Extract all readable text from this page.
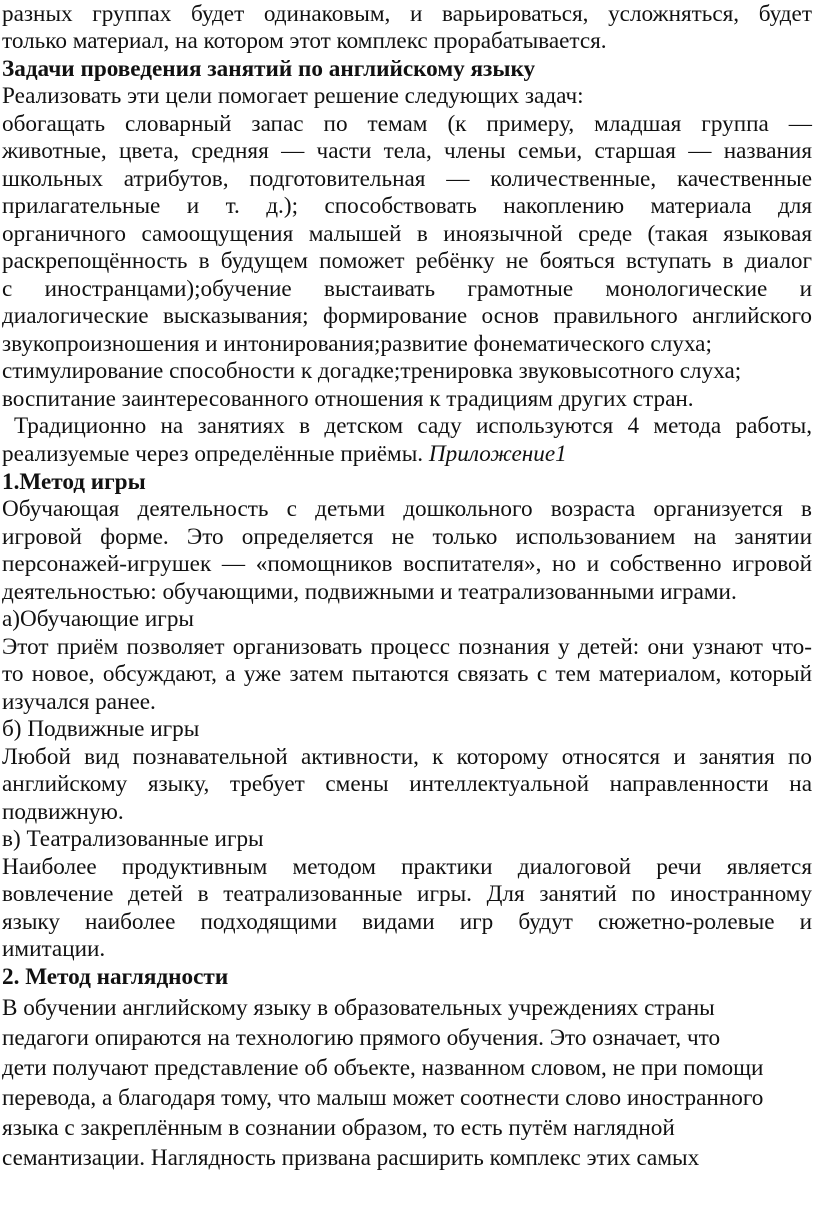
разных группах будет одинаковым, и варьироваться, усложняться, будет
только материал, на котором этот комплекс прорабатывается.
Задачи проведения занятий по английскому языку
Реализовать эти цели помогает решение следующих задач:
обогащать словарный запас по темам (к примеру, младшая группа —
животные, цвета, средняя — части тела, члены семьи, старшая — названия
школьных атрибутов, подготовительная — количественные, качественные
прилагательные и т. д.); способствовать накоплению материала для
органичного самоощущения малышей в иноязычной среде (такая языковая
раскрепощённость в будущем поможет ребёнку не бояться вступать в диалог
с иностранцами);обучение выстаивать грамотные монологические и
диалогические высказывания; формирование основ правильного английского
звукопроизношения и интонирования;развитие фонематического слуха;
стимулирование способности к догадке;тренировка звуковысотного слуха;
воспитание заинтересованного отношения к традициям других стран.
Традиционно на занятиях в детском саду используются 4 метода работы,
реализуемые через определённые приёмы. Приложение1
1.Метод игры
Обучающая деятельность с детьми дошкольного возраста организуется в
игровой форме. Это определяется не только использованием на занятии
персонажей-игрушек — «помощников воспитателя», но и собственно игровой
деятельностью: обучающими, подвижными и театрализованными играми.
а)Обучающие игры
Этот приём позволяет организовать процесс познания у детей: они узнают что-
то новое, обсуждают, а уже затем пытаются связать с тем материалом, который
изучался ранее.
б) Подвижные игры
Любой вид познавательной активности, к которому относятся и занятия по
английскому языку, требует смены интеллектуальной направленности на
подвижную.
в) Театрализованные игры
Наиболее продуктивным методом практики диалоговой речи является
вовлечение детей в театрализованные игры. Для занятий по иностранному
языку наиболее подходящими видами игр будут сюжетно-ролевые и
имитации.
2. Метод наглядности
В обучении английскому языку в образовательных учреждениях страны
педагоги опираются на технологию прямого обучения. Это означает, что
дети получают представление об объекте, названном словом, не при помощи
перевода, а благодаря тому, что малыш может соотнести слово иностранного
языка с закреплённым в сознании образом, то есть путём наглядной
семантизации. Наглядность призвана расширить комплекс этих самых
